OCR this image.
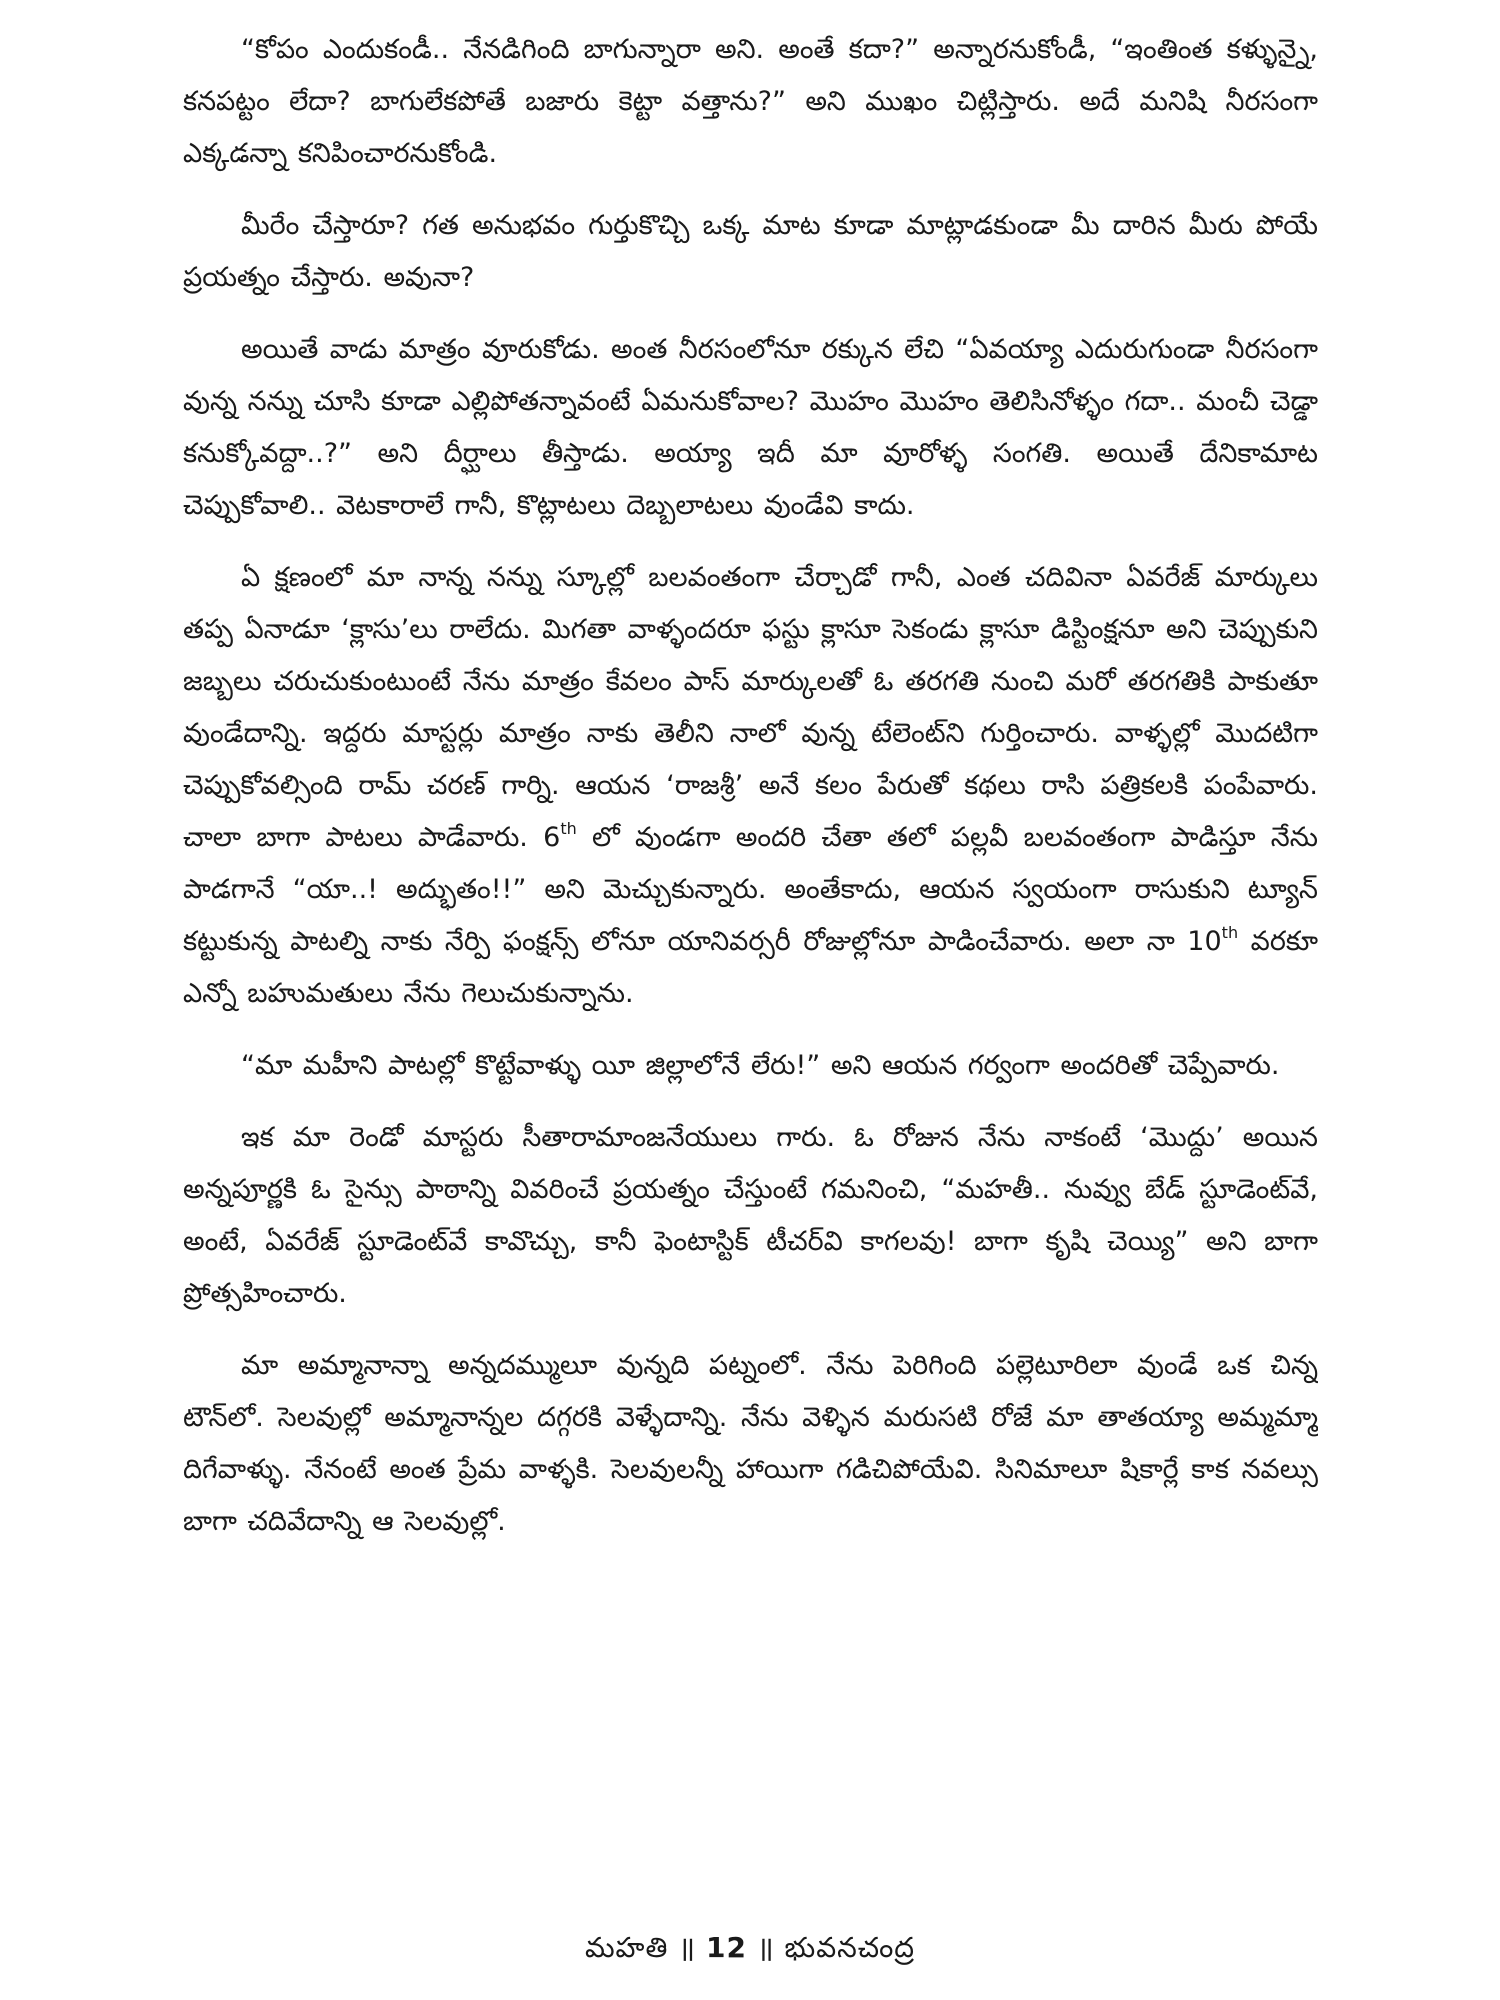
“కోపం ఎందుకండీ.. నేనడిగింది బాగున్నారా అని. అంతే కదా?” అన్నారనుకోండీ, “ఇంతింత కళ్ళున్నై, కనపట్టం లేదా? బాగులేకపోతే బజారు కెట్టా వత్తాను?” అని ముఖం చిట్లిస్తారు. అదే మనిషి నీరసంగా ఎక్కడన్నా కనిపించారనుకోండి.

మీరేం చేస్తారూ? గత అనుభవం గుర్తుకొచ్చి ఒక్క మాట కూడా మాట్లాడకుండా మీ దారిన మీరు పోయే ప్రయత్నం చేస్తారు. అవునా?

అయితే వాడు మాత్రం వూరుకోడు. అంత నీరసంలోనూ రక్కున లేచి “ఏవయ్యా ఎదురుగుండా నీరసంగా వున్న నన్ను చూసి కూడా ఎల్లిపోతన్నావంటే ఏమనుకోవాల? మొహం మొహం తెలిసినోళ్ళం గదా.. మంచీ చెడ్డా కనుక్కోవద్దా..?” అని దీర్ఘాలు తీస్తాడు. అయ్యా ఇదీ మా వూరోళ్ళ సంగతి. అయితే దేనికామాట చెప్పుకోవాలి.. వెటకారాలే గానీ, కొట్లాటలు దెబ్బలాటలు వుండేవి కాదు.

ఏ క్షణంలో మా నాన్న నన్ను స్కూల్లో బలవంతంగా చేర్చాడో గానీ, ఎంత చదివినా ఏవరేజ్ మార్కులు తప్ప ఏనాడూ ‘క్లాసు’లు రాలేదు. మిగతా వాళ్ళందరూ ఫస్టు క్లాసూ సెకండు క్లాసూ డిస్టింక్షనూ అని చెప్పుకుని జబ్బలు చరుచుకుంటుంటే నేను మాత్రం కేవలం పాస్ మార్కులతో ఓ తరగతి నుంచి మరో తరగతికి పాకుతూ వుండేదాన్ని. ఇద్దరు మాస్టర్లు మాత్రం నాకు తెలీని నాలో వున్న టేలెంట్‌ని గుర్తించారు. వాళ్ళల్లో మొదటిగా చెప్పుకోవల్సింది రామ్ చరణ్ గార్ని. ఆయన ‘రాజశ్రీ’ అనే కలం పేరుతో కథలు రాసి పత్రికలకి పంపేవారు. చాలా బాగా పాటలు పాడేవారు. 6th లో వుండగా అందరి చేతా తలో పల్లవీ బలవంతంగా పాడిస్తూ నేను పాడగానే “యా..! అద్భుతం!!” అని మెచ్చుకున్నారు. అంతేకాదు, ఆయన స్వయంగా రాసుకుని ట్యూన్ కట్టుకున్న పాటల్ని నాకు నేర్పి ఫంక్షన్స్ లోనూ యానివర్సరీ రోజుల్లోనూ పాడించేవారు. అలా నా 10th వరకూ ఎన్నో బహుమతులు నేను గెలుచుకున్నాను.

“మా మహీని పాటల్లో కొట్టేవాళ్ళు యీ జిల్లాలోనే లేరు!” అని ఆయన గర్వంగా అందరితో చెప్పేవారు.

ఇక మా రెండో మాస్టరు సీతారామాంజనేయులు గారు. ఓ రోజున నేను నాకంటే ‘మొద్దు’ అయిన అన్నపూర్ణకి ఓ సైన్సు పాఠాన్ని వివరించే ప్రయత్నం చేస్తుంటే గమనించి, “మహతీ.. నువ్వు బేడ్ స్టూడెంట్‌వే, అంటే, ఏవరేజ్ స్టూడెంట్‌వే కావొచ్చు, కానీ ఫెంటాస్టిక్ టీచర్‌వి కాగలవు! బాగా కృషి చెయ్యి” అని బాగా ప్రోత్సహించారు.

మా అమ్మానాన్నా అన్నదమ్ములూ వున్నది పట్నంలో. నేను పెరిగింది పల్లెటూరిలా వుండే ఒక చిన్న టౌన్‌లో. సెలవుల్లో అమ్మానాన్నల దగ్గరకి వెళ్ళేదాన్ని. నేను వెళ్ళిన మరుసటి రోజే మా తాతయ్యా అమ్మమ్మా దిగేవాళ్ళు. నేనంటే అంత ప్రేమ వాళ్ళకి. సెలవులన్నీ హాయిగా గడిచిపోయేవి. సినిమాలూ షికార్లే కాక నవల్సు బాగా చదివేదాన్ని ఆ సెలవుల్లో.

మహతి ॥ 12 ॥ భువనచంద్ర
